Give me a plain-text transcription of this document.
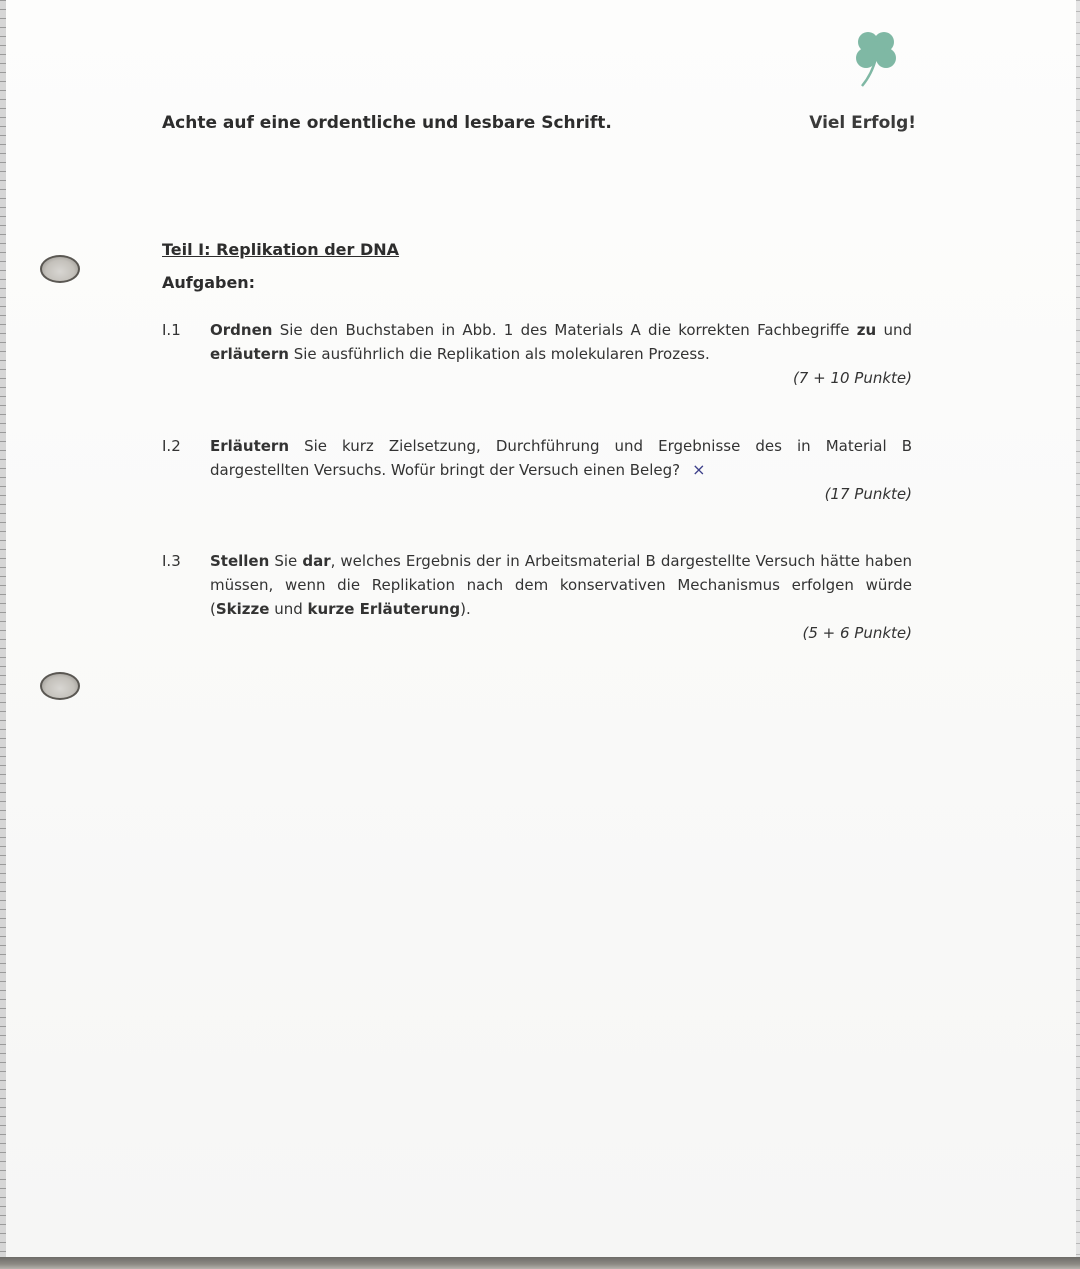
Achte auf eine ordentliche und lesbare Schrift.	Viel Erfolg!
Teil I: Replikation der DNA
Aufgaben:
I.1	Ordnen Sie den Buchstaben in Abb. 1 des Materials A die korrekten Fachbegriffe zu und erläutern Sie ausführlich die Replikation als molekularen Prozess.
(7 + 10 Punkte)
I.2	Erläutern Sie kurz Zielsetzung, Durchführung und Ergebnisse des in Material B dargestellten Versuchs. Wofür bringt der Versuch einen Beleg? ×
(17 Punkte)
I.3	Stellen Sie dar, welches Ergebnis der in Arbeitsmaterial B dargestellte Versuch hätte haben müssen, wenn die Replikation nach dem konservativen Mechanismus erfolgen würde (Skizze und kurze Erläuterung).
(5 + 6 Punkte)
